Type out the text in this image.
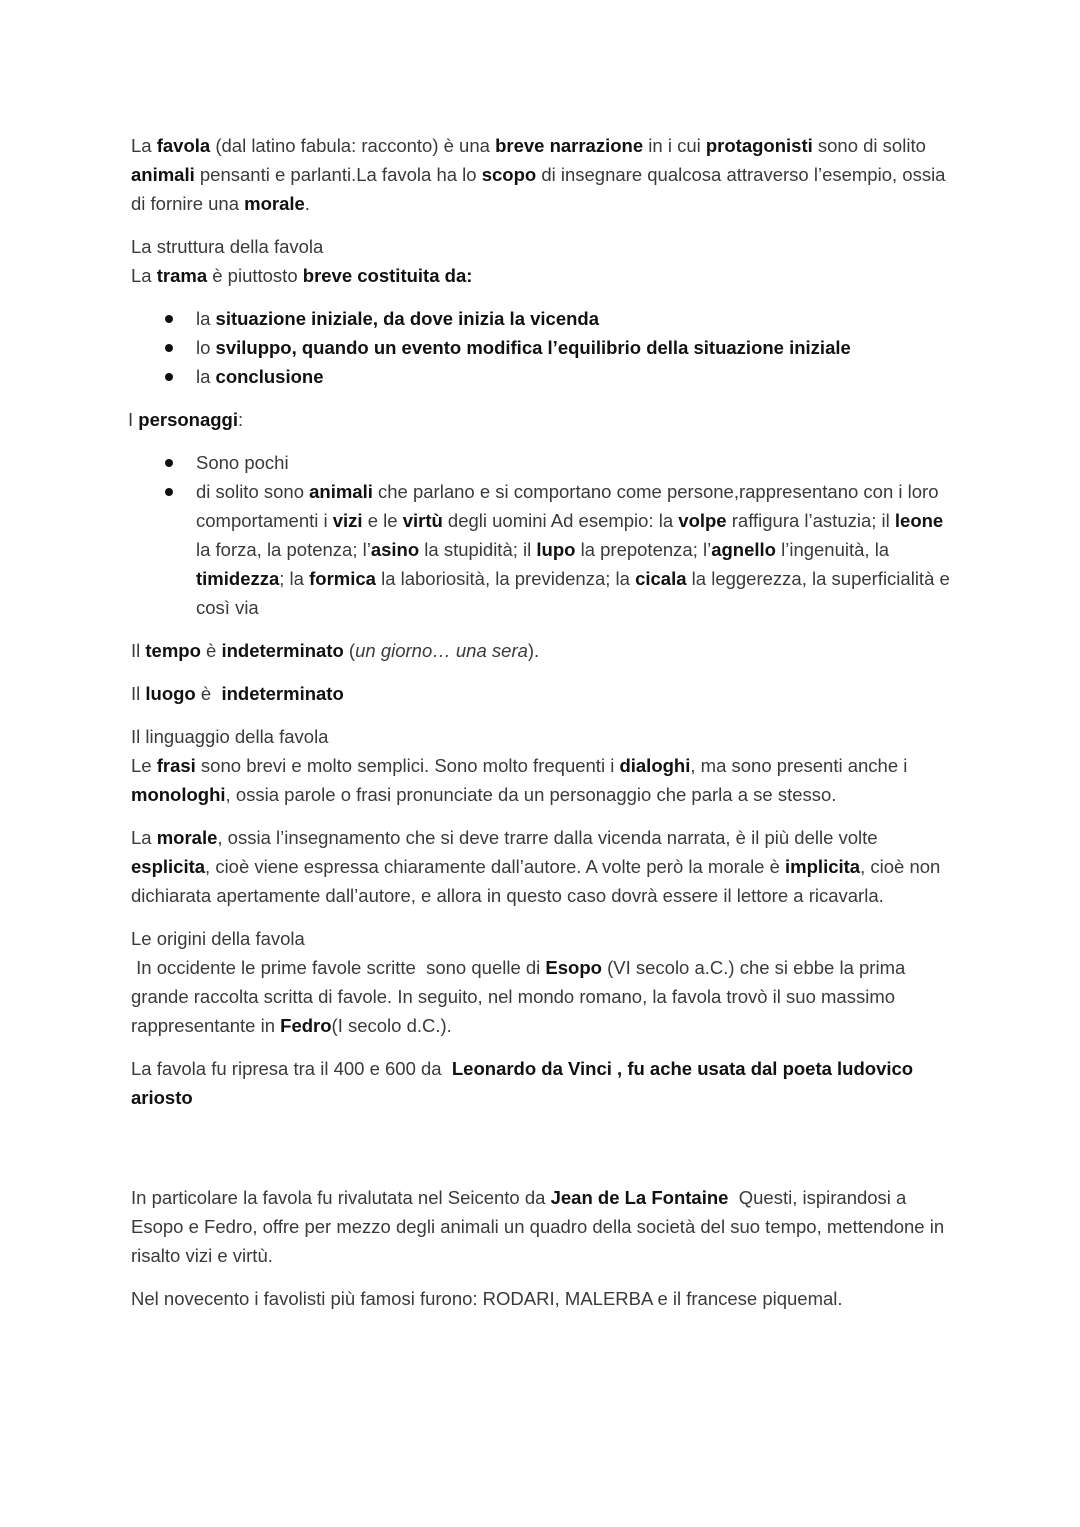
La favola (dal latino fabula: racconto) è una breve narrazione in i cui protagonisti sono di solito animali pensanti e parlanti.La favola ha lo scopo di insegnare qualcosa attraverso l’esempio, ossia di fornire una morale.

La struttura della favola
La trama è piuttosto breve costituita da:

la situazione iniziale, da dove inizia la vicenda
lo sviluppo, quando un evento modifica l’equilibrio della situazione iniziale
la conclusione

I personaggi:

Sono pochi
di solito sono animali che parlano e si comportano come persone,rappresentano con i loro comportamenti i vizi e le virtù degli uomini Ad esempio: la volpe raffigura l’astuzia; il leone la forza, la potenza; l’asino la stupidità; il lupo la prepotenza; l’agnello l’ingenuità, la timidezza; la formica la laboriosità, la previdenza; la cicala la leggerezza, la superficialità e così via

Il tempo è indeterminato (un giorno… una sera).

Il luogo è  indeterminato

Il linguaggio della favola
Le frasi sono brevi e molto semplici. Sono molto frequenti i dialoghi, ma sono presenti anche i monologhi, ossia parole o frasi pronunciate da un personaggio che parla a se stesso.

La morale, ossia l’insegnamento che si deve trarre dalla vicenda narrata, è il più delle volte esplicita, cioè viene espressa chiaramente dall’autore. A volte però la morale è implicita, cioè non dichiarata apertamente dall’autore, e allora in questo caso dovrà essere il lettore a ricavarla.

Le origini della favola
In occidente le prime favole scritte  sono quelle di Esopo (VI secolo a.C.) che si ebbe la prima grande raccolta scritta di favole. In seguito, nel mondo romano, la favola trovò il suo massimo rappresentante in Fedro(I secolo d.C.).

La favola fu ripresa tra il 400 e 600 da  Leonardo da Vinci , fu ache usata dal poeta ludovico ariosto

In particolare la favola fu rivalutata nel Seicento da Jean de La Fontaine  Questi, ispirandosi a Esopo e Fedro, offre per mezzo degli animali un quadro della società del suo tempo, mettendone in risalto vizi e virtù.

Nel novecento i favolisti più famosi furono: RODARI, MALERBA e il francese piquemal.
